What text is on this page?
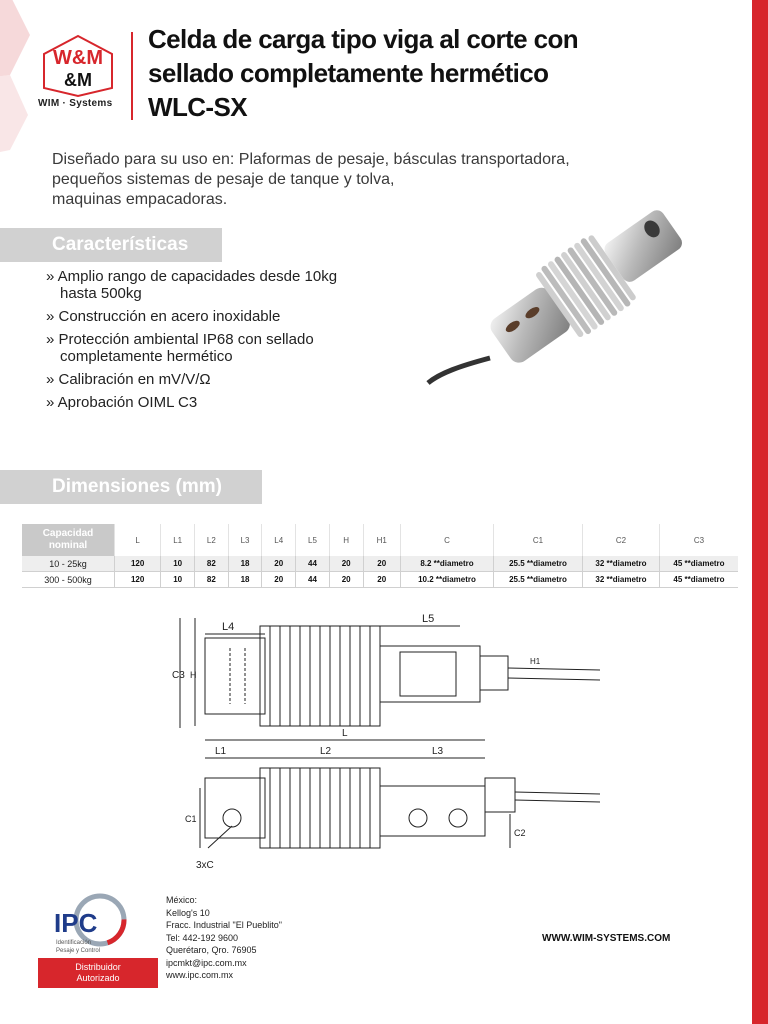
W&M
&M
WIM · Systems
Celda de carga tipo viga al corte con
sellado completamente hermético
WLC-SX
Diseñado para su uso en: Plaformas de pesaje, básculas transportadora,
pequeños sistemas de pesaje de tanque y tolva,
maquinas empacadoras.
Características
» Amplio rango de capacidades desde 10kg
hasta 500kg
» Construcción en acero inoxidable
» Protección ambiental IP68 con sellado
completamente hermético
» Calibración en mV/V/Ω
» Aprobación OIML C3
Dimensiones (mm)
Capacidad nominal	L	L1	L2	L3	L4	L5	H	H1	C	C1	C2	C3
10 - 25kg	120	10	82	18	20	44	20	20	8.2 **diametro	25.5 **diametro	32 **diametro	45 **diametro
300 - 500kg	120	10	82	18	20	44	20	20	10.2 **diametro	25.5 **diametro	32 **diametro	45 **diametro
L4
L5
C3 H
H1
L
L1	L2	L3
C1
C2
3xC
IPC
Identificación
Pesaje y Control
Distribuidor
Autorizado
México:
Kellog's 10
Fracc. Industrial "El Pueblito"
Tel: 442-192 9600
Querétaro, Qro. 76905
ipcmkt@ipc.com.mx
www.ipc.com.mx
WWW.WIM-SYSTEMS.COM
